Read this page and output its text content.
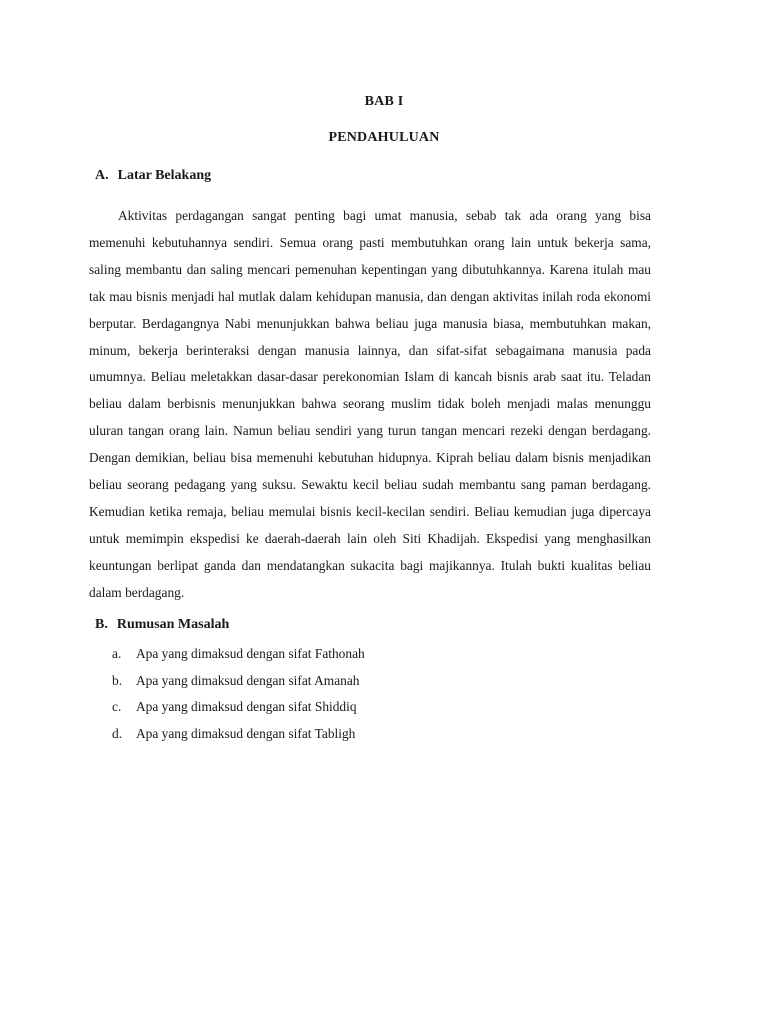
BAB I
PENDAHULUAN
A. Latar Belakang

Aktivitas perdagangan sangat penting bagi umat manusia, sebab tak ada orang yang bisa memenuhi kebutuhannya sendiri. Semua orang pasti membutuhkan orang lain untuk bekerja sama, saling membantu dan saling mencari pemenuhan kepentingan yang dibutuhkannya. Karena itulah mau tak mau bisnis menjadi hal mutlak dalam kehidupan manusia, dan dengan aktivitas inilah roda ekonomi berputar. Berdagangnya Nabi menunjukkan bahwa beliau juga manusia biasa, membutuhkan makan, minum, bekerja berinteraksi dengan manusia lainnya, dan sifat-sifat sebagaimana manusia pada umumnya. Beliau meletakkan dasar-dasar perekonomian Islam di kancah bisnis arab saat itu. Teladan beliau dalam berbisnis menunjukkan bahwa seorang muslim tidak boleh menjadi malas menunggu uluran tangan orang lain. Namun beliau sendiri yang turun tangan mencari rezeki dengan berdagang. Dengan demikian, beliau bisa memenuhi kebutuhan hidupnya. Kiprah beliau dalam bisnis menjadikan beliau seorang pedagang yang suksu. Sewaktu kecil beliau sudah membantu sang paman berdagang. Kemudian ketika remaja, beliau memulai bisnis kecil-kecilan sendiri. Beliau kemudian juga dipercaya untuk memimpin ekspedisi ke daerah-daerah lain oleh Siti Khadijah. Ekspedisi yang menghasilkan keuntungan berlipat ganda dan mendatangkan sukacita bagi majikannya. Itulah bukti kualitas beliau dalam berdagang.

B. Rumusan Masalah
a.	Apa yang dimaksud dengan sifat Fathonah
b.	Apa yang dimaksud dengan sifat Amanah
c.	Apa yang dimaksud dengan sifat Shiddiq
d.	Apa yang dimaksud dengan sifat Tabligh
